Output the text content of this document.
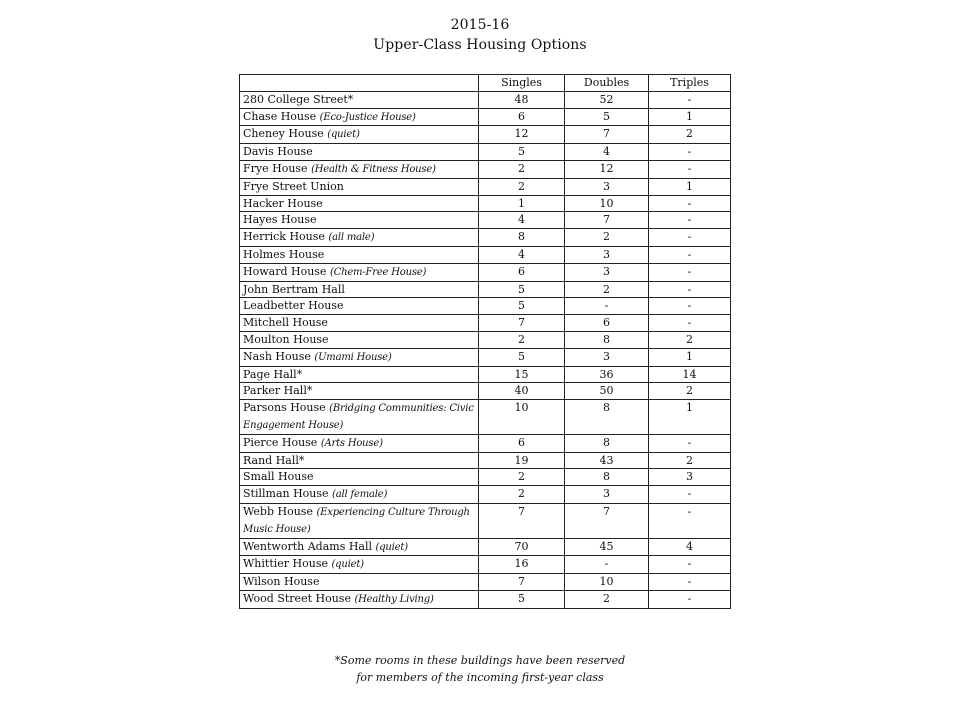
2015-16
Upper-Class Housing Options
	Singles	Doubles	Triples
280 College Street*	48	52	-
Chase House (Eco-Justice House)	6	5	1
Cheney House (quiet)	12	7	2
Davis House	5	4	-
Frye House (Health & Fitness House)	2	12	-
Frye Street Union	2	3	1
Hacker House	1	10	-
Hayes House	4	7	-
Herrick House (all male)	8	2	-
Holmes House	4	3	-
Howard House (Chem-Free House)	6	3	-
John Bertram Hall	5	2	-
Leadbetter House	5	-	-
Mitchell House	7	6	-
Moulton House	2	8	2
Nash House (Umami House)	5	3	1
Page Hall*	15	36	14
Parker Hall*	40	50	2
Parsons House (Bridging Communities: Civic Engagement House)	10	8	1
Pierce House (Arts House)	6	8	-
Rand Hall*	19	43	2
Small House	2	8	3
Stillman House (all female)	2	3	-
Webb House (Experiencing Culture Through Music House)	7	7	-
Wentworth Adams Hall (quiet)	70	45	4
Whittier House (quiet)	16	-	-
Wilson House	7	10	-
Wood Street House (Healthy Living)	5	2	-
*Some rooms in these buildings have been reserved
for members of the incoming first-year class
